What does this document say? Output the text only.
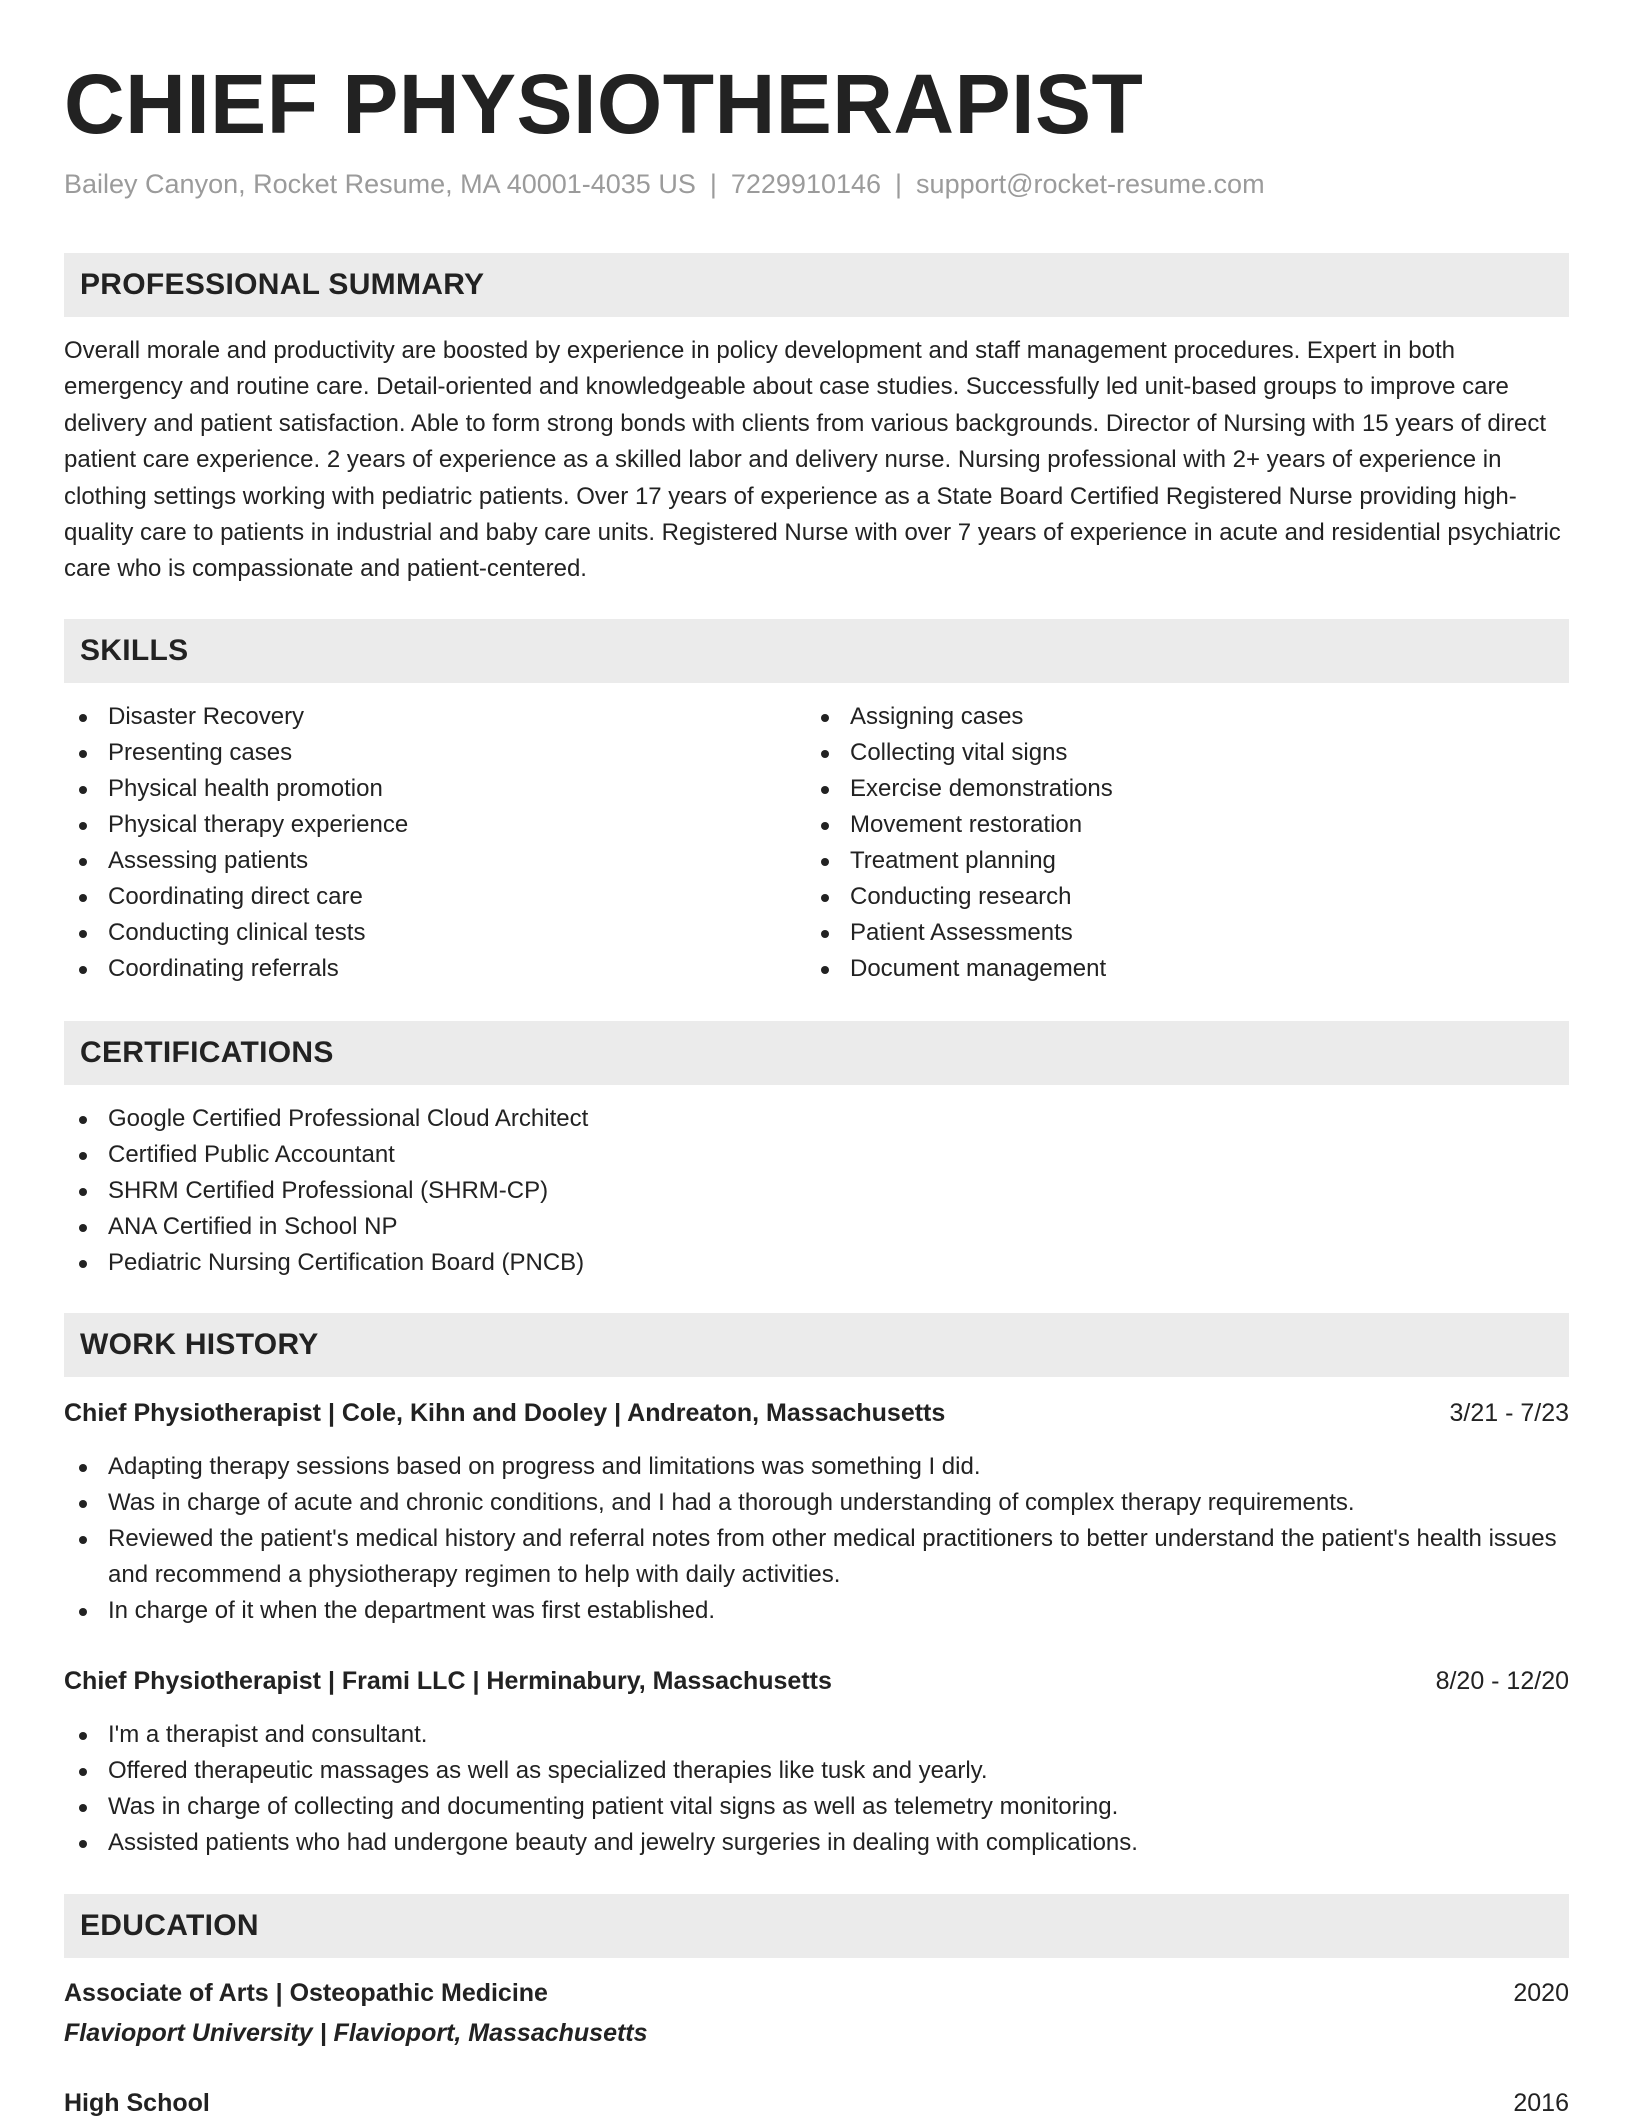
CHIEF PHYSIOTHERAPIST
Bailey Canyon, Rocket Resume, MA 40001-4035 US | 7229910146 | support@rocket-resume.com
PROFESSIONAL SUMMARY
Overall morale and productivity are boosted by experience in policy development and staff management procedures. Expert in both emergency and routine care. Detail-oriented and knowledgeable about case studies. Successfully led unit-based groups to improve care delivery and patient satisfaction. Able to form strong bonds with clients from various backgrounds. Director of Nursing with 15 years of direct patient care experience. 2 years of experience as a skilled labor and delivery nurse. Nursing professional with 2+ years of experience in clothing settings working with pediatric patients. Over 17 years of experience as a State Board Certified Registered Nurse providing high-quality care to patients in industrial and baby care units. Registered Nurse with over 7 years of experience in acute and residential psychiatric care who is compassionate and patient-centered.
SKILLS
Disaster Recovery
Presenting cases
Physical health promotion
Physical therapy experience
Assessing patients
Coordinating direct care
Conducting clinical tests
Coordinating referrals
Assigning cases
Collecting vital signs
Exercise demonstrations
Movement restoration
Treatment planning
Conducting research
Patient Assessments
Document management
CERTIFICATIONS
Google Certified Professional Cloud Architect
Certified Public Accountant
SHRM Certified Professional (SHRM-CP)
ANA Certified in School NP
Pediatric Nursing Certification Board (PNCB)
WORK HISTORY
Chief Physiotherapist | Cole, Kihn and Dooley | Andreaton, Massachusetts	3/21 - 7/23
Adapting therapy sessions based on progress and limitations was something I did.
Was in charge of acute and chronic conditions, and I had a thorough understanding of complex therapy requirements.
Reviewed the patient's medical history and referral notes from other medical practitioners to better understand the patient's health issues and recommend a physiotherapy regimen to help with daily activities.
In charge of it when the department was first established.
Chief Physiotherapist | Frami LLC | Herminabury, Massachusetts	8/20 - 12/20
I'm a therapist and consultant.
Offered therapeutic massages as well as specialized therapies like tusk and yearly.
Was in charge of collecting and documenting patient vital signs as well as telemetry monitoring.
Assisted patients who had undergone beauty and jewelry surgeries in dealing with complications.
EDUCATION
Associate of Arts | Osteopathic Medicine	2020
Flavioport University | Flavioport, Massachusetts
High School	2016
